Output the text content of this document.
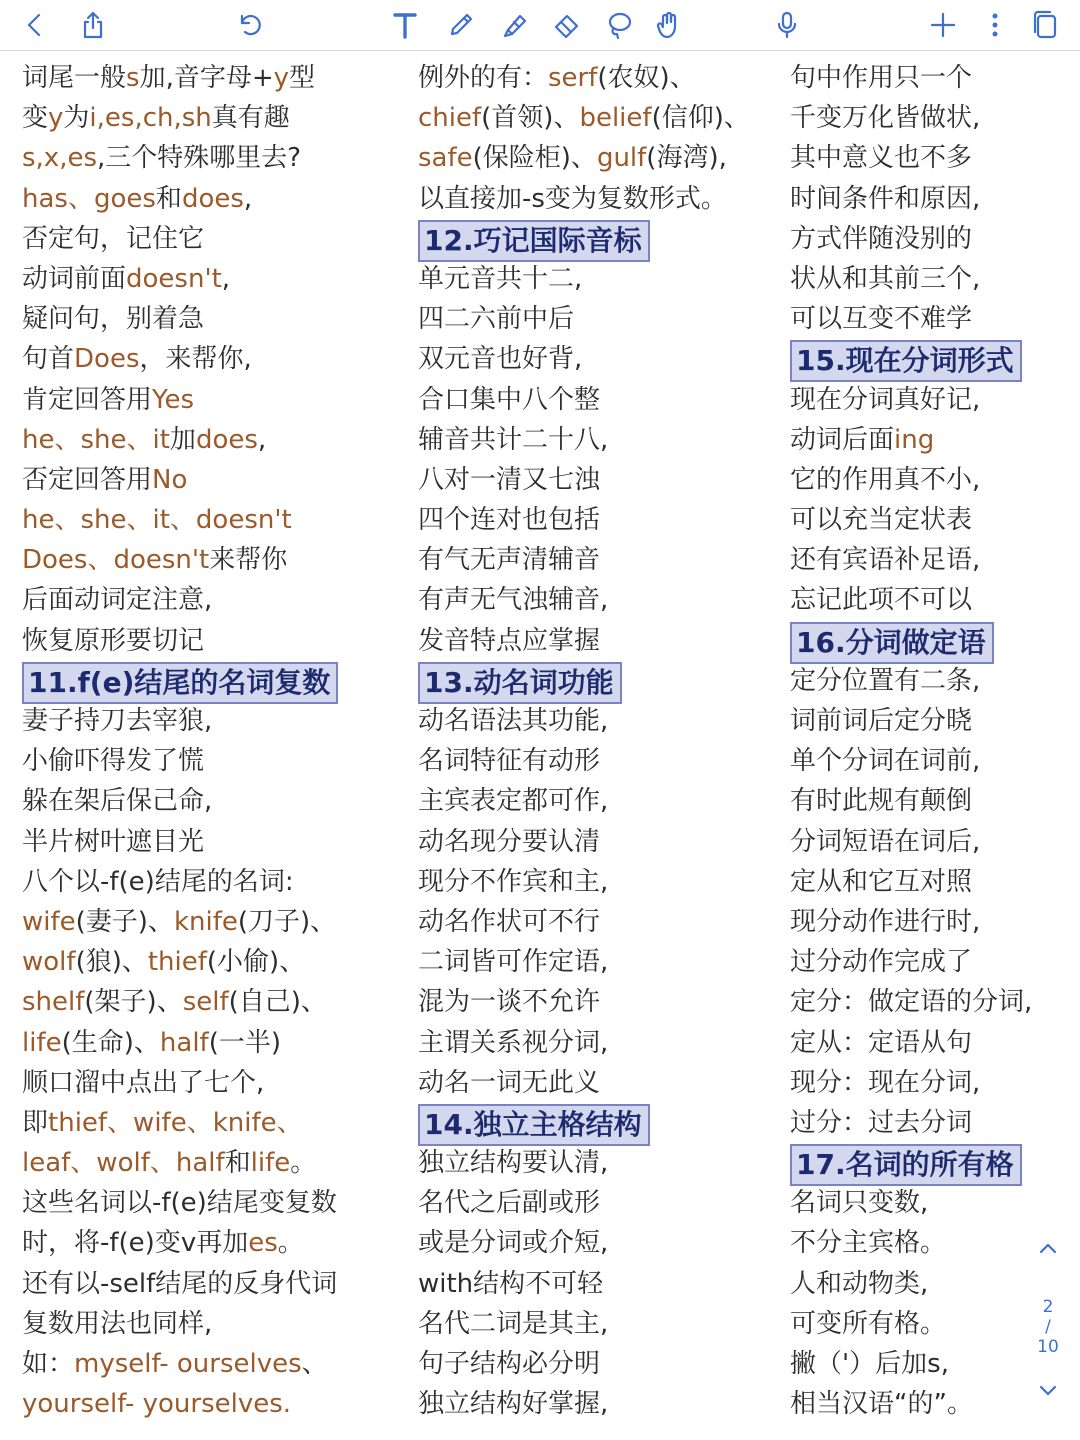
词尾一般s加,音字母+y型
变y为i,es,ch,sh真有趣
s,x,es,三个特殊哪里去?
has、goes和does,
否定句，记住它
动词前面doesn't,
疑问句，别着急
句首Does，来帮你,
肯定回答用Yes
he、she、it加does,
否定回答用No
he、she、it、doesn't
Does、doesn't来帮你
后面动词定注意,
恢复原形要切记
11.f(e)结尾的名词复数
妻子持刀去宰狼,
小偷吓得发了慌
躲在架后保己命,
半片树叶遮目光
八个以-f(e)结尾的名词:
wife(妻子)、knife(刀子)、
wolf(狼)、thief(小偷)、
shelf(架子)、self(自己)、
life(生命)、half(一半)
顺口溜中点出了七个,
即thief、wife、knife、
leaf、wolf、half和life。
这些名词以-f(e)结尾变复数
时，将-f(e)变v再加es。
还有以-self结尾的反身代词
复数用法也同样,
如：myself- ourselves、
yourself- yourselves.
例外的有：serf(农奴)、
chief(首领)、belief(信仰)、
safe(保险柜)、gulf(海湾),
以直接加-s变为复数形式。
12.巧记国际音标
单元音共十二,
四二六前中后
双元音也好背,
合口集中八个整
辅音共计二十八,
八对一清又七浊
四个连对也包括
有气无声清辅音
有声无气浊辅音,
发音特点应掌握
13.动名词功能
动名语法其功能,
名词特征有动形
主宾表定都可作,
动名现分要认清
现分不作宾和主,
动名作状可不行
二词皆可作定语,
混为一谈不允许
主谓关系视分词,
动名一词无此义
14.独立主格结构
独立结构要认清,
名代之后副或形
或是分词或介短,
with结构不可轻
名代二词是其主,
句子结构必分明
独立结构好掌握,
句中作用只一个
千变万化皆做状,
其中意义也不多
时间条件和原因,
方式伴随没别的
状从和其前三个,
可以互变不难学
15.现在分词形式
现在分词真好记,
动词后面ing
它的作用真不小,
可以充当定状表
还有宾语补足语,
忘记此项不可以
16.分词做定语
定分位置有二条,
词前词后定分晓
单个分词在词前,
有时此规有颠倒
分词短语在词后,
定从和它互对照
现分动作进行时,
过分动作完成了
定分：做定语的分词,
定从：定语从句
现分：现在分词,
过分：过去分词
17.名词的所有格
名词只变数,
不分主宾格。
人和动物类,
可变所有格。
撇（'）后加s,
相当汉语“的”。
2
/
10
